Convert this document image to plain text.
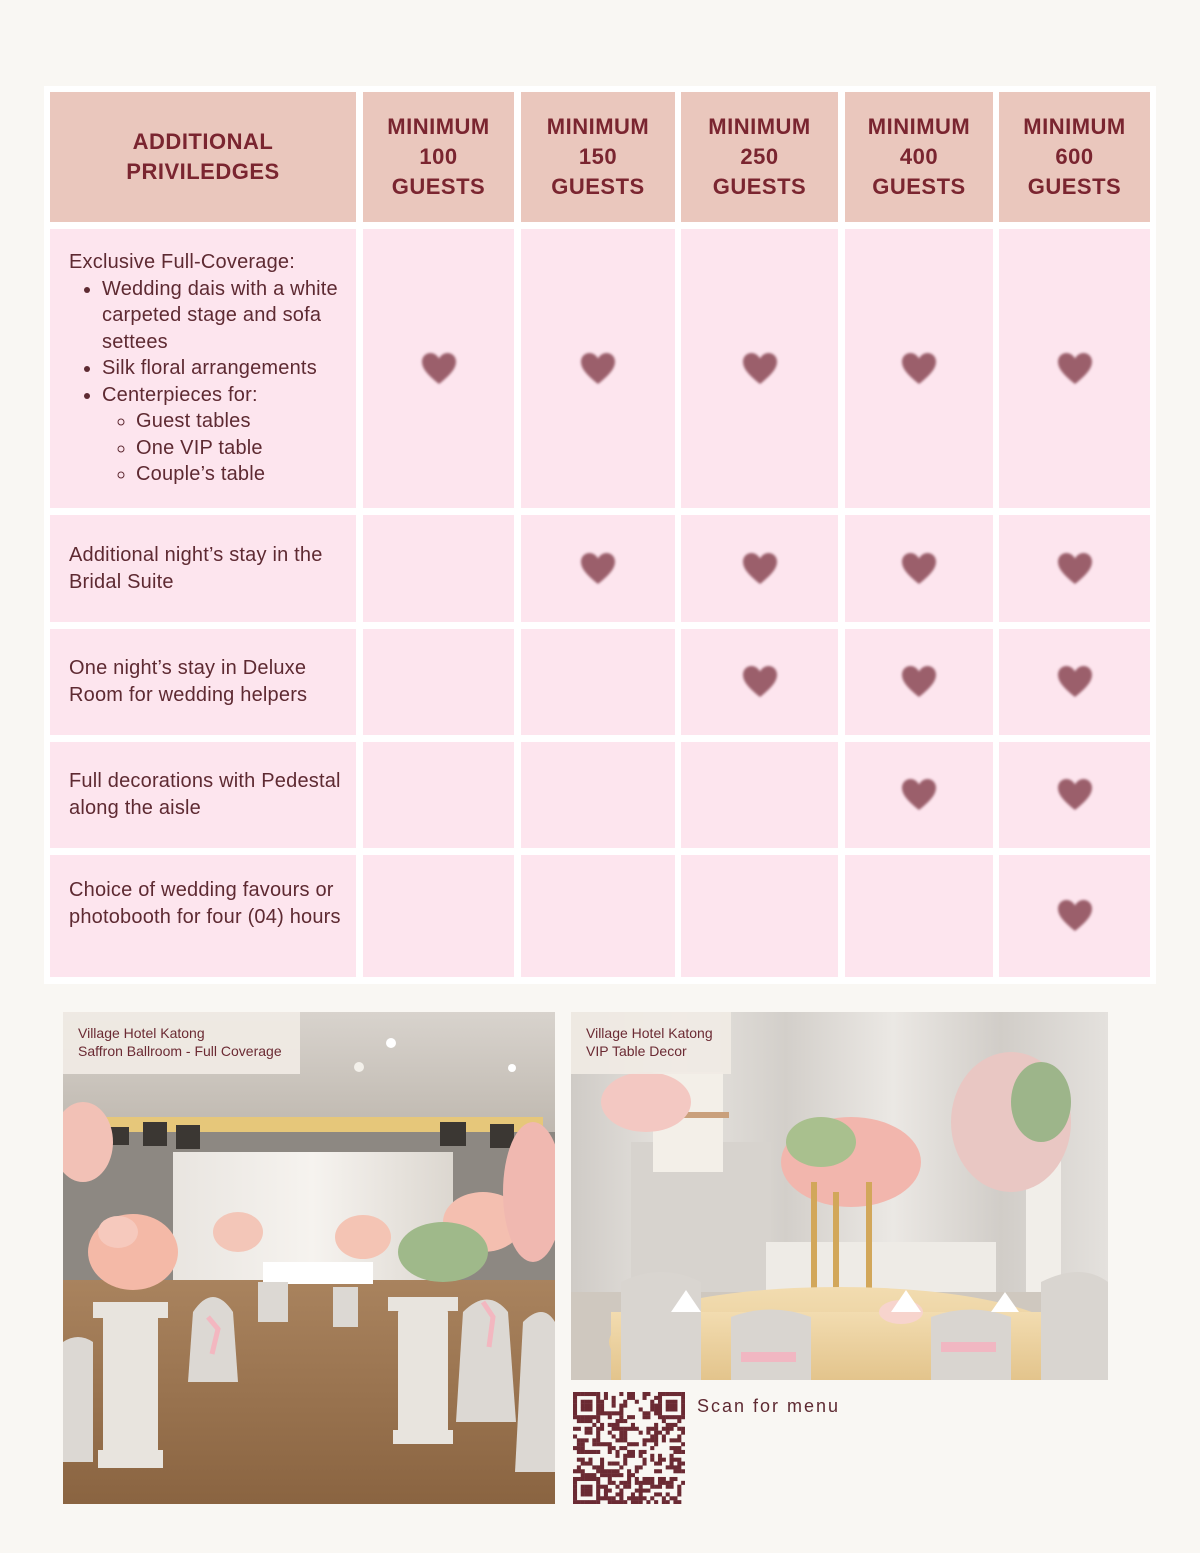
ADDITIONAL
PRIVILEDGES
MINIMUM
100
GUESTS
MINIMUM
150
GUESTS
MINIMUM
250
GUESTS
MINIMUM
400
GUESTS
MINIMUM
600
GUESTS
Exclusive Full-Coverage:
• Wedding dais with a white carpeted stage and sofa settees
• Silk floral arrangements
• Centerpieces for:
◦ Guest tables
◦ One VIP table
◦ Couple’s table
Additional night’s stay in the Bridal Suite
One night’s stay in Deluxe Room for wedding helpers
Full decorations with Pedestal along the aisle
Choice of wedding favours or photobooth for four (04) hours
Village Hotel Katong
Saffron Ballroom - Full Coverage
Village Hotel Katong
VIP Table Decor
Scan for menu
